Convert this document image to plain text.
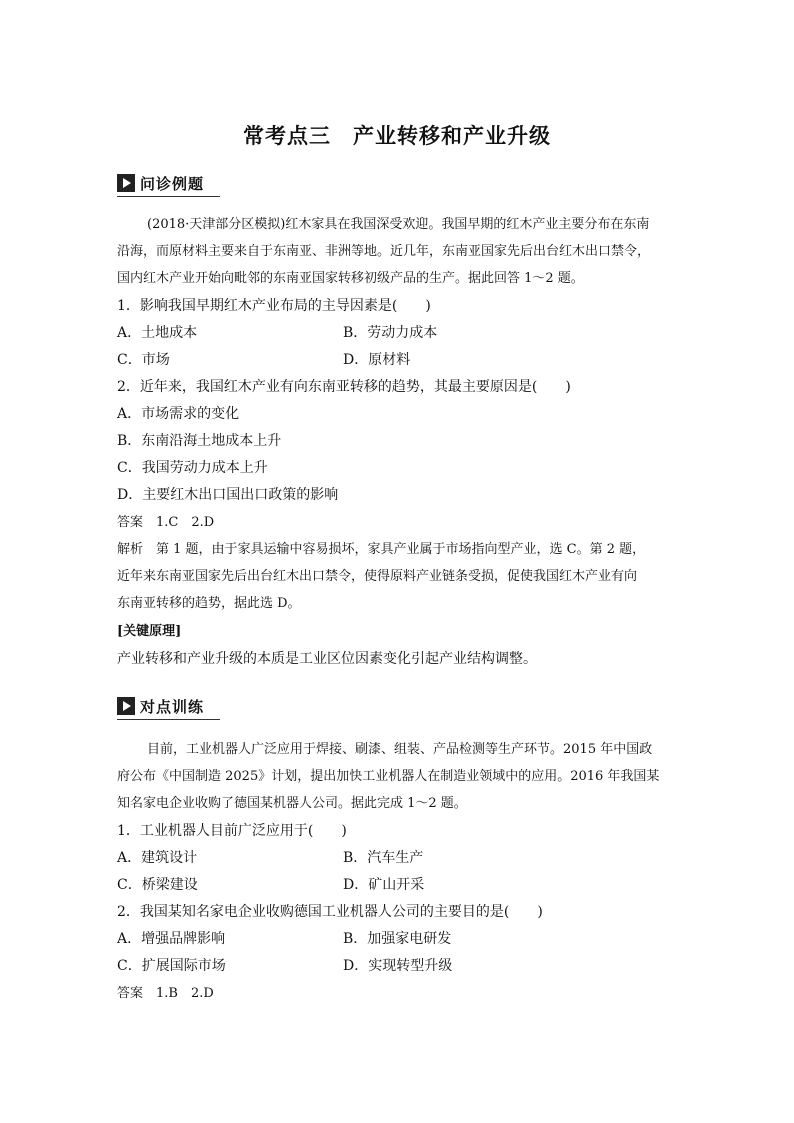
常考点三　产业转移和产业升级
问诊例题
(2018·天津部分区模拟)红木家具在我国深受欢迎。我国早期的红木产业主要分布在东南
沿海，而原材料主要来自于东南亚、非洲等地。近几年，东南亚国家先后出台红木出口禁令，
国内红木产业开始向毗邻的东南亚国家转移初级产品的生产。据此回答 1～2 题。
1．影响我国早期红木产业布局的主导因素是(　　)
A．土地成本	B．劳动力成本
C．市场	D．原材料
2．近年来，我国红木产业有向东南亚转移的趋势，其最主要原因是(　　)
A．市场需求的变化
B．东南沿海土地成本上升
C．我国劳动力成本上升
D．主要红木出口国出口政策的影响
答案　1.C　2.D
解析　第 1 题，由于家具运输中容易损坏，家具产业属于市场指向型产业，选 C。第 2 题，
近年来东南亚国家先后出台红木出口禁令，使得原料产业链条受损，促使我国红木产业有向
东南亚转移的趋势，据此选 D。
[关键原理]
产业转移和产业升级的本质是工业区位因素变化引起产业结构调整。
对点训练
目前，工业机器人广泛应用于焊接、刷漆、组装、产品检测等生产环节。2015 年中国政
府公布《中国制造 2025》计划，提出加快工业机器人在制造业领域中的应用。2016 年我国某
知名家电企业收购了德国某机器人公司。据此完成 1～2 题。
1．工业机器人目前广泛应用于(　　)
A．建筑设计	B．汽车生产
C．桥梁建设	D．矿山开采
2．我国某知名家电企业收购德国工业机器人公司的主要目的是(　　)
A．增强品牌影响	B．加强家电研发
C．扩展国际市场	D．实现转型升级
答案　1.B　2.D
